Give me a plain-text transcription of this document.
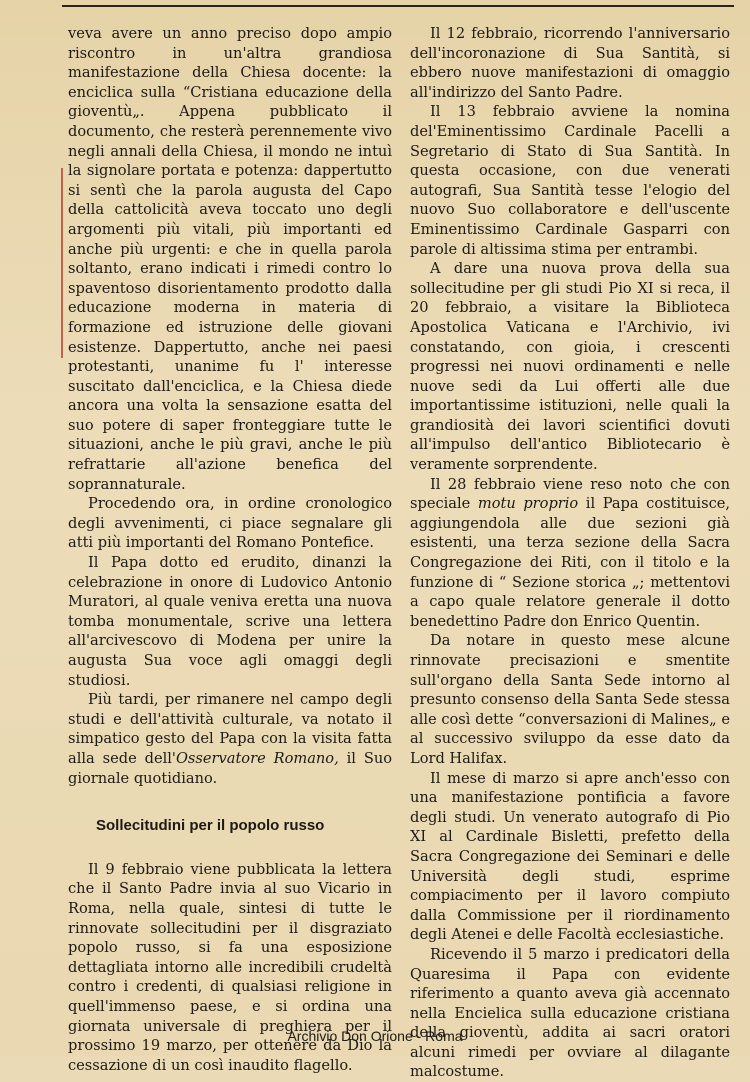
veva avere un anno preciso dopo ampio riscontro in un'altra grandiosa manifestazione della Chiesa docente: la enciclica sulla “Cristiana educazione della gioventù„. Appena pubblicato il documento, che resterà perennemente vivo negli annali della Chiesa, il mondo ne intuì la signolare portata e potenza: dappertutto si sentì che la parola augusta del Capo della cattolicità aveva toccato uno degli argomenti più vitali, più importanti ed anche più urgenti: e che in quella parola soltanto, erano indicati i rimedi contro lo spaventoso disorientamento prodotto dalla educazione moderna in materia di formazione ed istruzione delle giovani esistenze. Dappertutto, anche nei paesi protestanti, unanime fu l' interesse suscitato dall'enciclica, e la Chiesa diede ancora una volta la sensazione esatta del suo potere di saper fronteggiare tutte le situazioni, anche le più gravi, anche le più refrattarie all'azione benefica del soprannaturale.

Procedendo ora, in ordine cronologico degli avvenimenti, ci piace segnalare gli atti più importanti del Romano Pontefice.

Il Papa dotto ed erudito, dinanzi la celebrazione in onore di Ludovico Antonio Muratori, al quale veniva eretta una nuova tomba monumentale, scrive una lettera all'arcivescovo di Modena per unire la augusta Sua voce agli omaggi degli studiosi.

Più tardi, per rimanere nel campo degli studi e dell'attività culturale, va notato il simpatico gesto del Papa con la visita fatta alla sede dell'Osservatore Romano, il Suo giornale quotidiano.

Sollecitudini per il popolo russo

Il 9 febbraio viene pubblicata la lettera che il Santo Padre invia al suo Vicario in Roma, nella quale, sintesi di tutte le rinnovate sollecitudini per il disgraziato popolo russo, si fa una esposizione dettagliata intorno alle incredibili crudeltà contro i credenti, di qualsiasi religione in quell'immenso paese, e si ordina una giornata universale di preghiera per il prossimo 19 marzo, per ottenere da Dio la cessazione di un così inaudito flagello.

Il 12 febbraio, ricorrendo l'anniversario dell'incoronazione di Sua Santità, si ebbero nuove manifestazioni di omaggio all'indirizzo del Santo Padre.

Il 13 febbraio avviene la nomina del'Eminentissimo Cardinale Pacelli a Segretario di Stato di Sua Santità. In questa occasione, con due venerati autografi, Sua Santità tesse l'elogio del nuovo Suo collaboratore e dell'uscente Eminentissimo Cardinale Gasparri con parole di altissima stima per entrambi.

A dare una nuova prova della sua sollecitudine per gli studi Pio XI si reca, il 20 febbraio, a visitare la Biblioteca Apostolica Vaticana e l'Archivio, ivi constatando, con gioia, i crescenti progressi nei nuovi ordinamenti e nelle nuove sedi da Lui offerti alle due importantissime istituzioni, nelle quali la grandiosità dei lavori scientifici dovuti all'impulso dell'antico Bibliotecario è veramente sorprendente.

Il 28 febbraio viene reso noto che con speciale motu proprio il Papa costituisce, aggiungendola alle due sezioni già esistenti, una terza sezione della Sacra Congregazione dei Riti, con il titolo e la funzione di “ Sezione storica „; mettentovi a capo quale relatore generale il dotto benedettino Padre don Enrico Quentin.

Da notare in questo mese alcune rinnovate precisazioni e smentite sull'organo della Santa Sede intorno al presunto consenso della Santa Sede stessa alle così dette “conversazioni di Malines„ e al successivo sviluppo da esse dato da Lord Halifax.

Il mese di marzo si apre anch'esso con una manifestazione pontificia a favore degli studi. Un venerato autografo di Pio XI al Cardinale Bisletti, prefetto della Sacra Congregazione dei Seminari e delle Università degli studi, esprime compiacimento per il lavoro compiuto dalla Commissione per il riordinamento degli Atenei e delle Facoltà ecclesiastiche.

Ricevendo il 5 marzo i predicatori della Quaresima il Papa con evidente riferimento a quanto aveva già accennato nella Encielica sulla educazione cristiana della gioventù, addita ai sacri oratori alcuni rimedi per ovviare al dilagante malcostume.

Archivio Don Orione - Roma
